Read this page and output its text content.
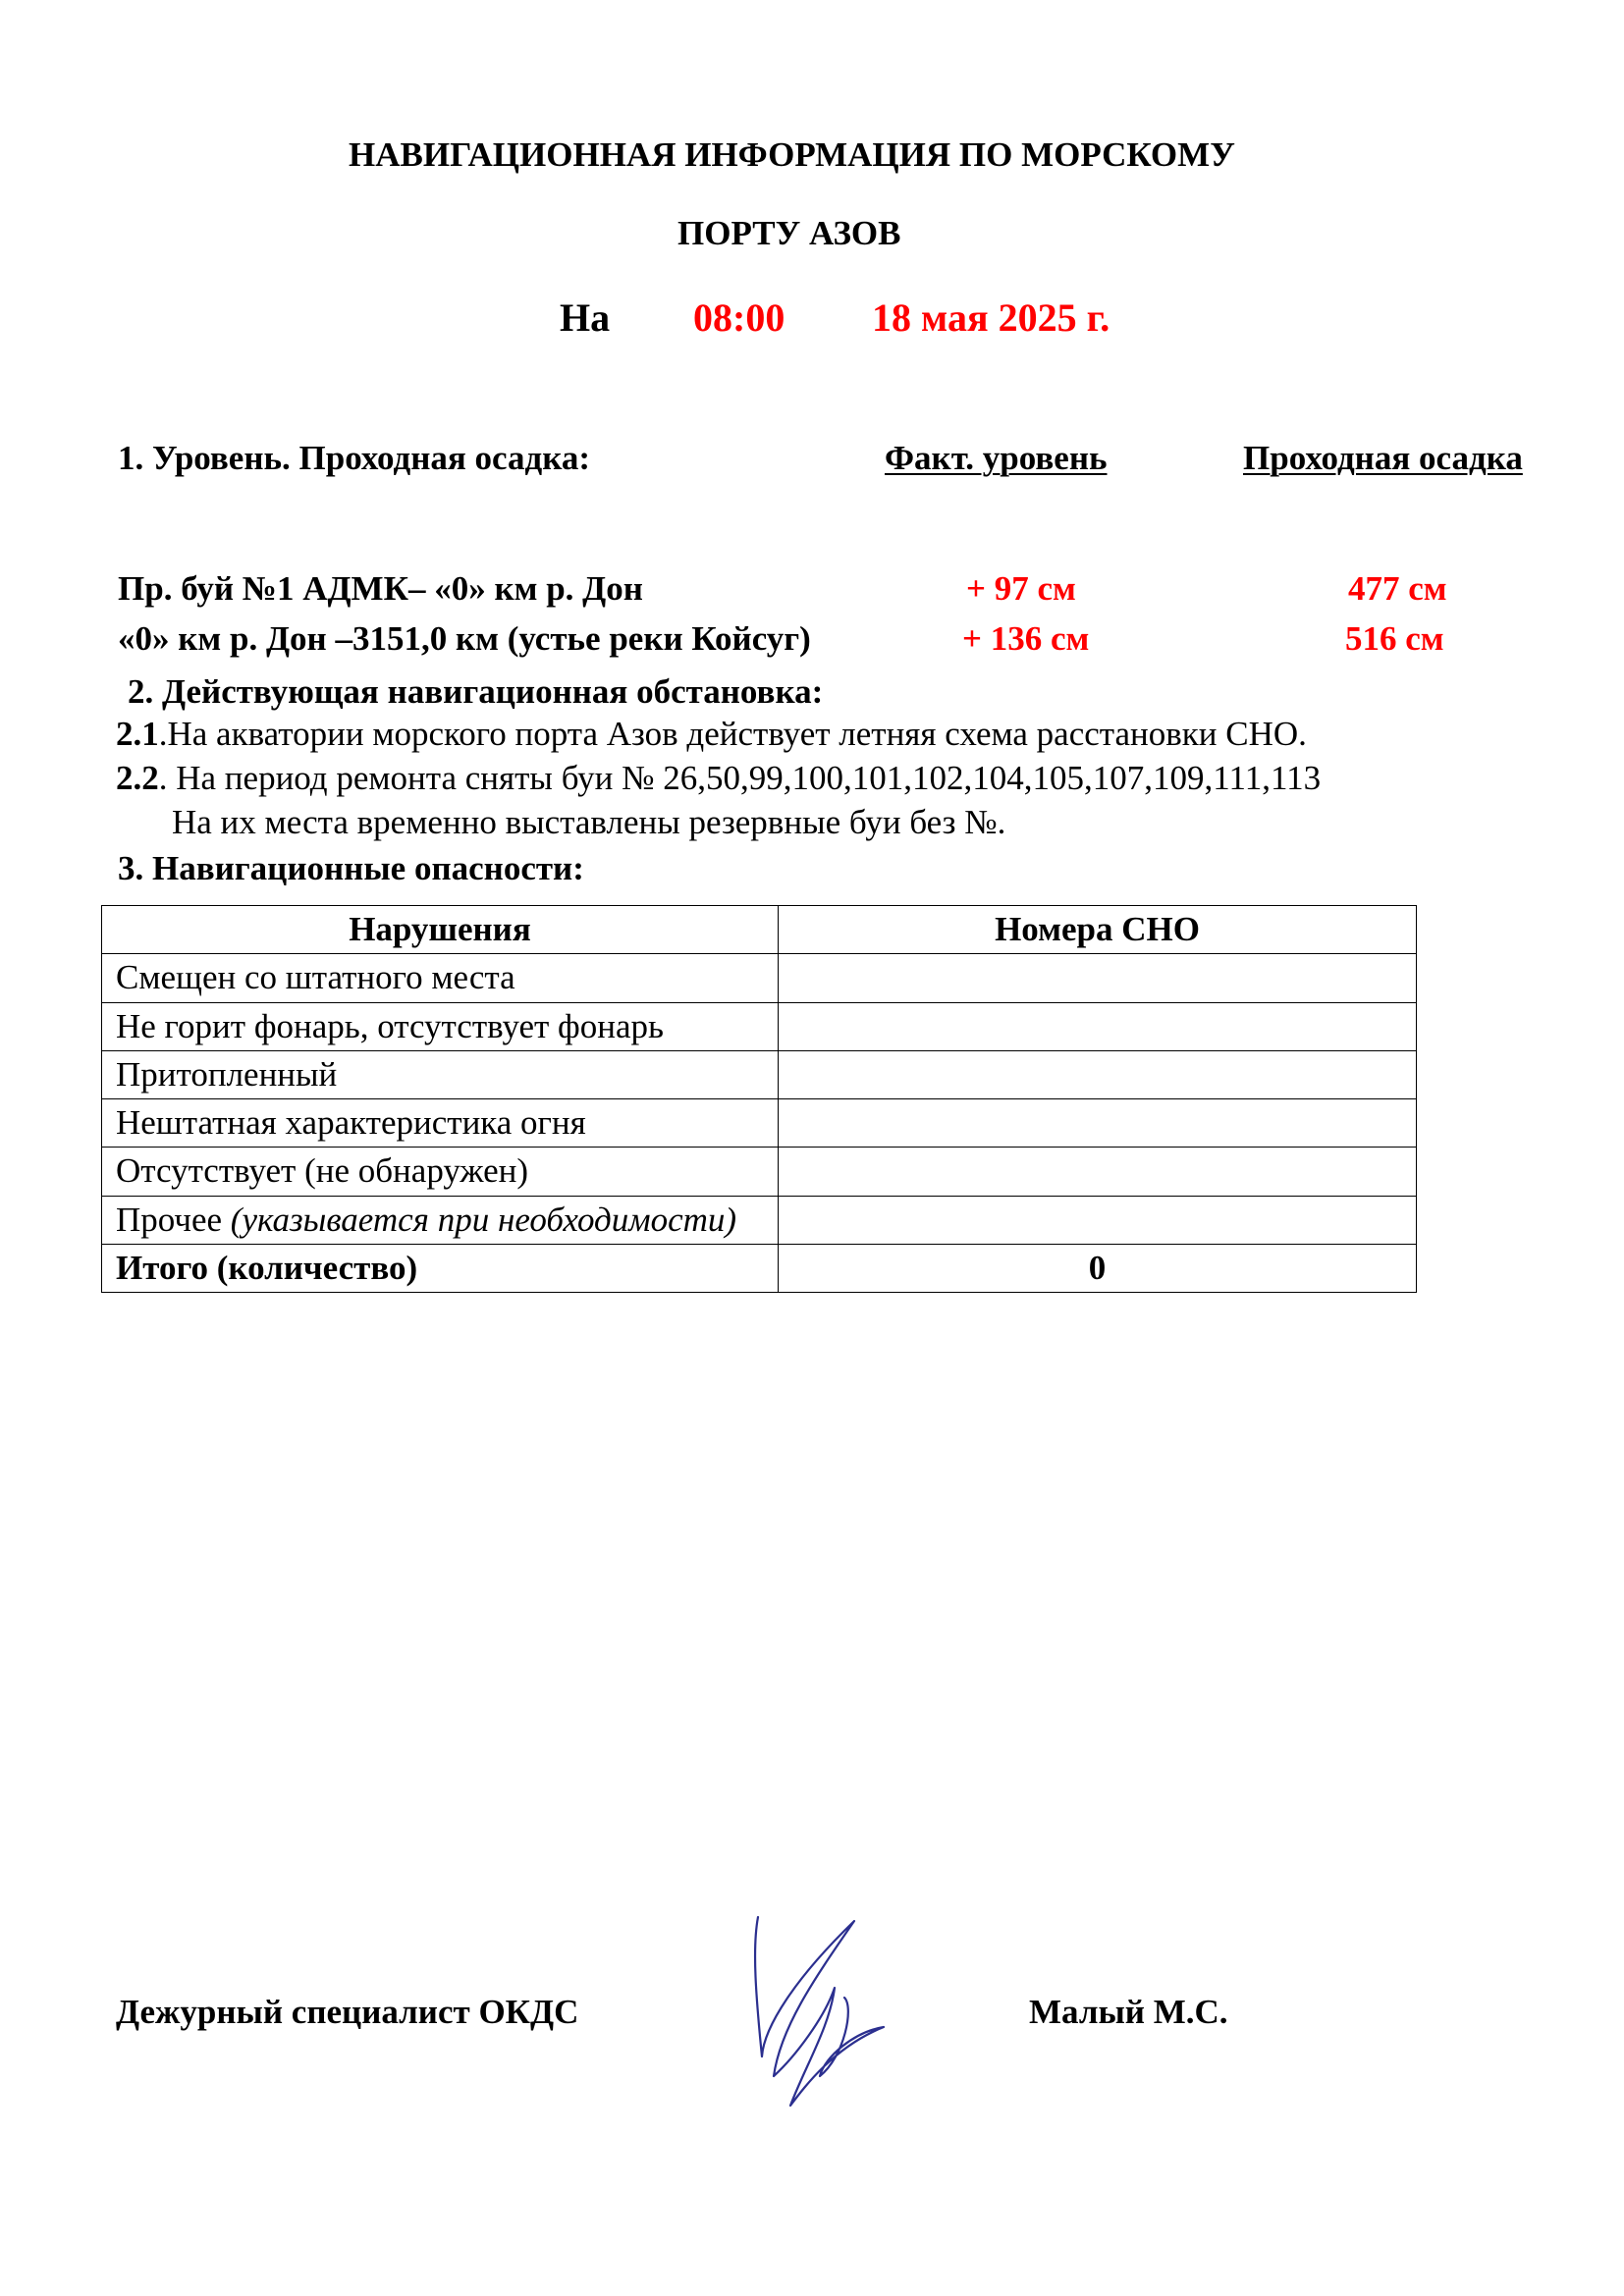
НАВИГАЦИОННАЯ ИНФОРМАЦИЯ ПО МОРСКОМУ
ПОРТУ АЗОВ
На 08:00 18 мая 2025 г.
1. Уровень. Проходная осадка:	Факт. уровень	Проходная осадка
Пр. буй №1 АДМК– «0» км р. Дон	+ 97 см	477 см
«0» км р. Дон –3151,0 км (устье реки Койсуг)	+ 136 см	516 см
2. Действующая навигационная обстановка:
2.1.На акватории морского порта Азов действует летняя схема расстановки СНО.
2.2. На период ремонта сняты буи № 26,50,99,100,101,102,104,105,107,109,111,113
На их места временно выставлены резервные буи без №.
3. Навигационные опасности:
Нарушения	Номера СНО
Смещен со штатного места	
Не горит фонарь, отсутствует фонарь	
Притопленный	
Нештатная характеристика огня	
Отсутствует (не обнаружен)	
Прочее (указывается при необходимости)	
Итого (количество)	0
Дежурный специалист ОКДС	Малый М.С.
